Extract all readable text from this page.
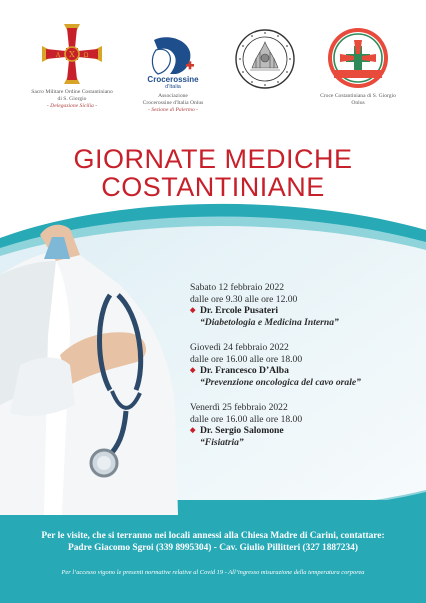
X
A	Ω
Sacro Militare Ordine Costantiniano
di S. Giorgio
- Delegazione Sicilia -
Crocerossine
d'Italia
Associazione
Crocerossine d'Italia Onlus
- Sezione di Palermo -
Croce Costantiniana di S. Giorgio
Onlus
GIORNATE MEDICHE
COSTANTINIANE

Sabato 12 febbraio 2022

dalle ore 9.30 alle ore 12.00

◆ Dr. Ercole Pusateri

“Diabetologia e Medicina Interna”

Giovedì 24 febbraio 2022

dalle ore 16.00 alle ore 18.00

◆ Dr. Francesco D’Alba

“Prevenzione oncologica del cavo orale”

Venerdì 25 febbraio 2022

dalle ore 16.00 alle ore 18.00

◆ Dr. Sergio Salomone

“Fisiatria”

Per le visite, che si terranno nei locali annessi alla Chiesa Madre di Carini, contattare:
Padre Giacomo Sgroi (339 8995304) - Cav. Giulio Pillitteri (327 1887234)
Per l’accesso vigono le presenti normative relative al Covid 19 - All’ingresso misurazione della temperatura corporea
